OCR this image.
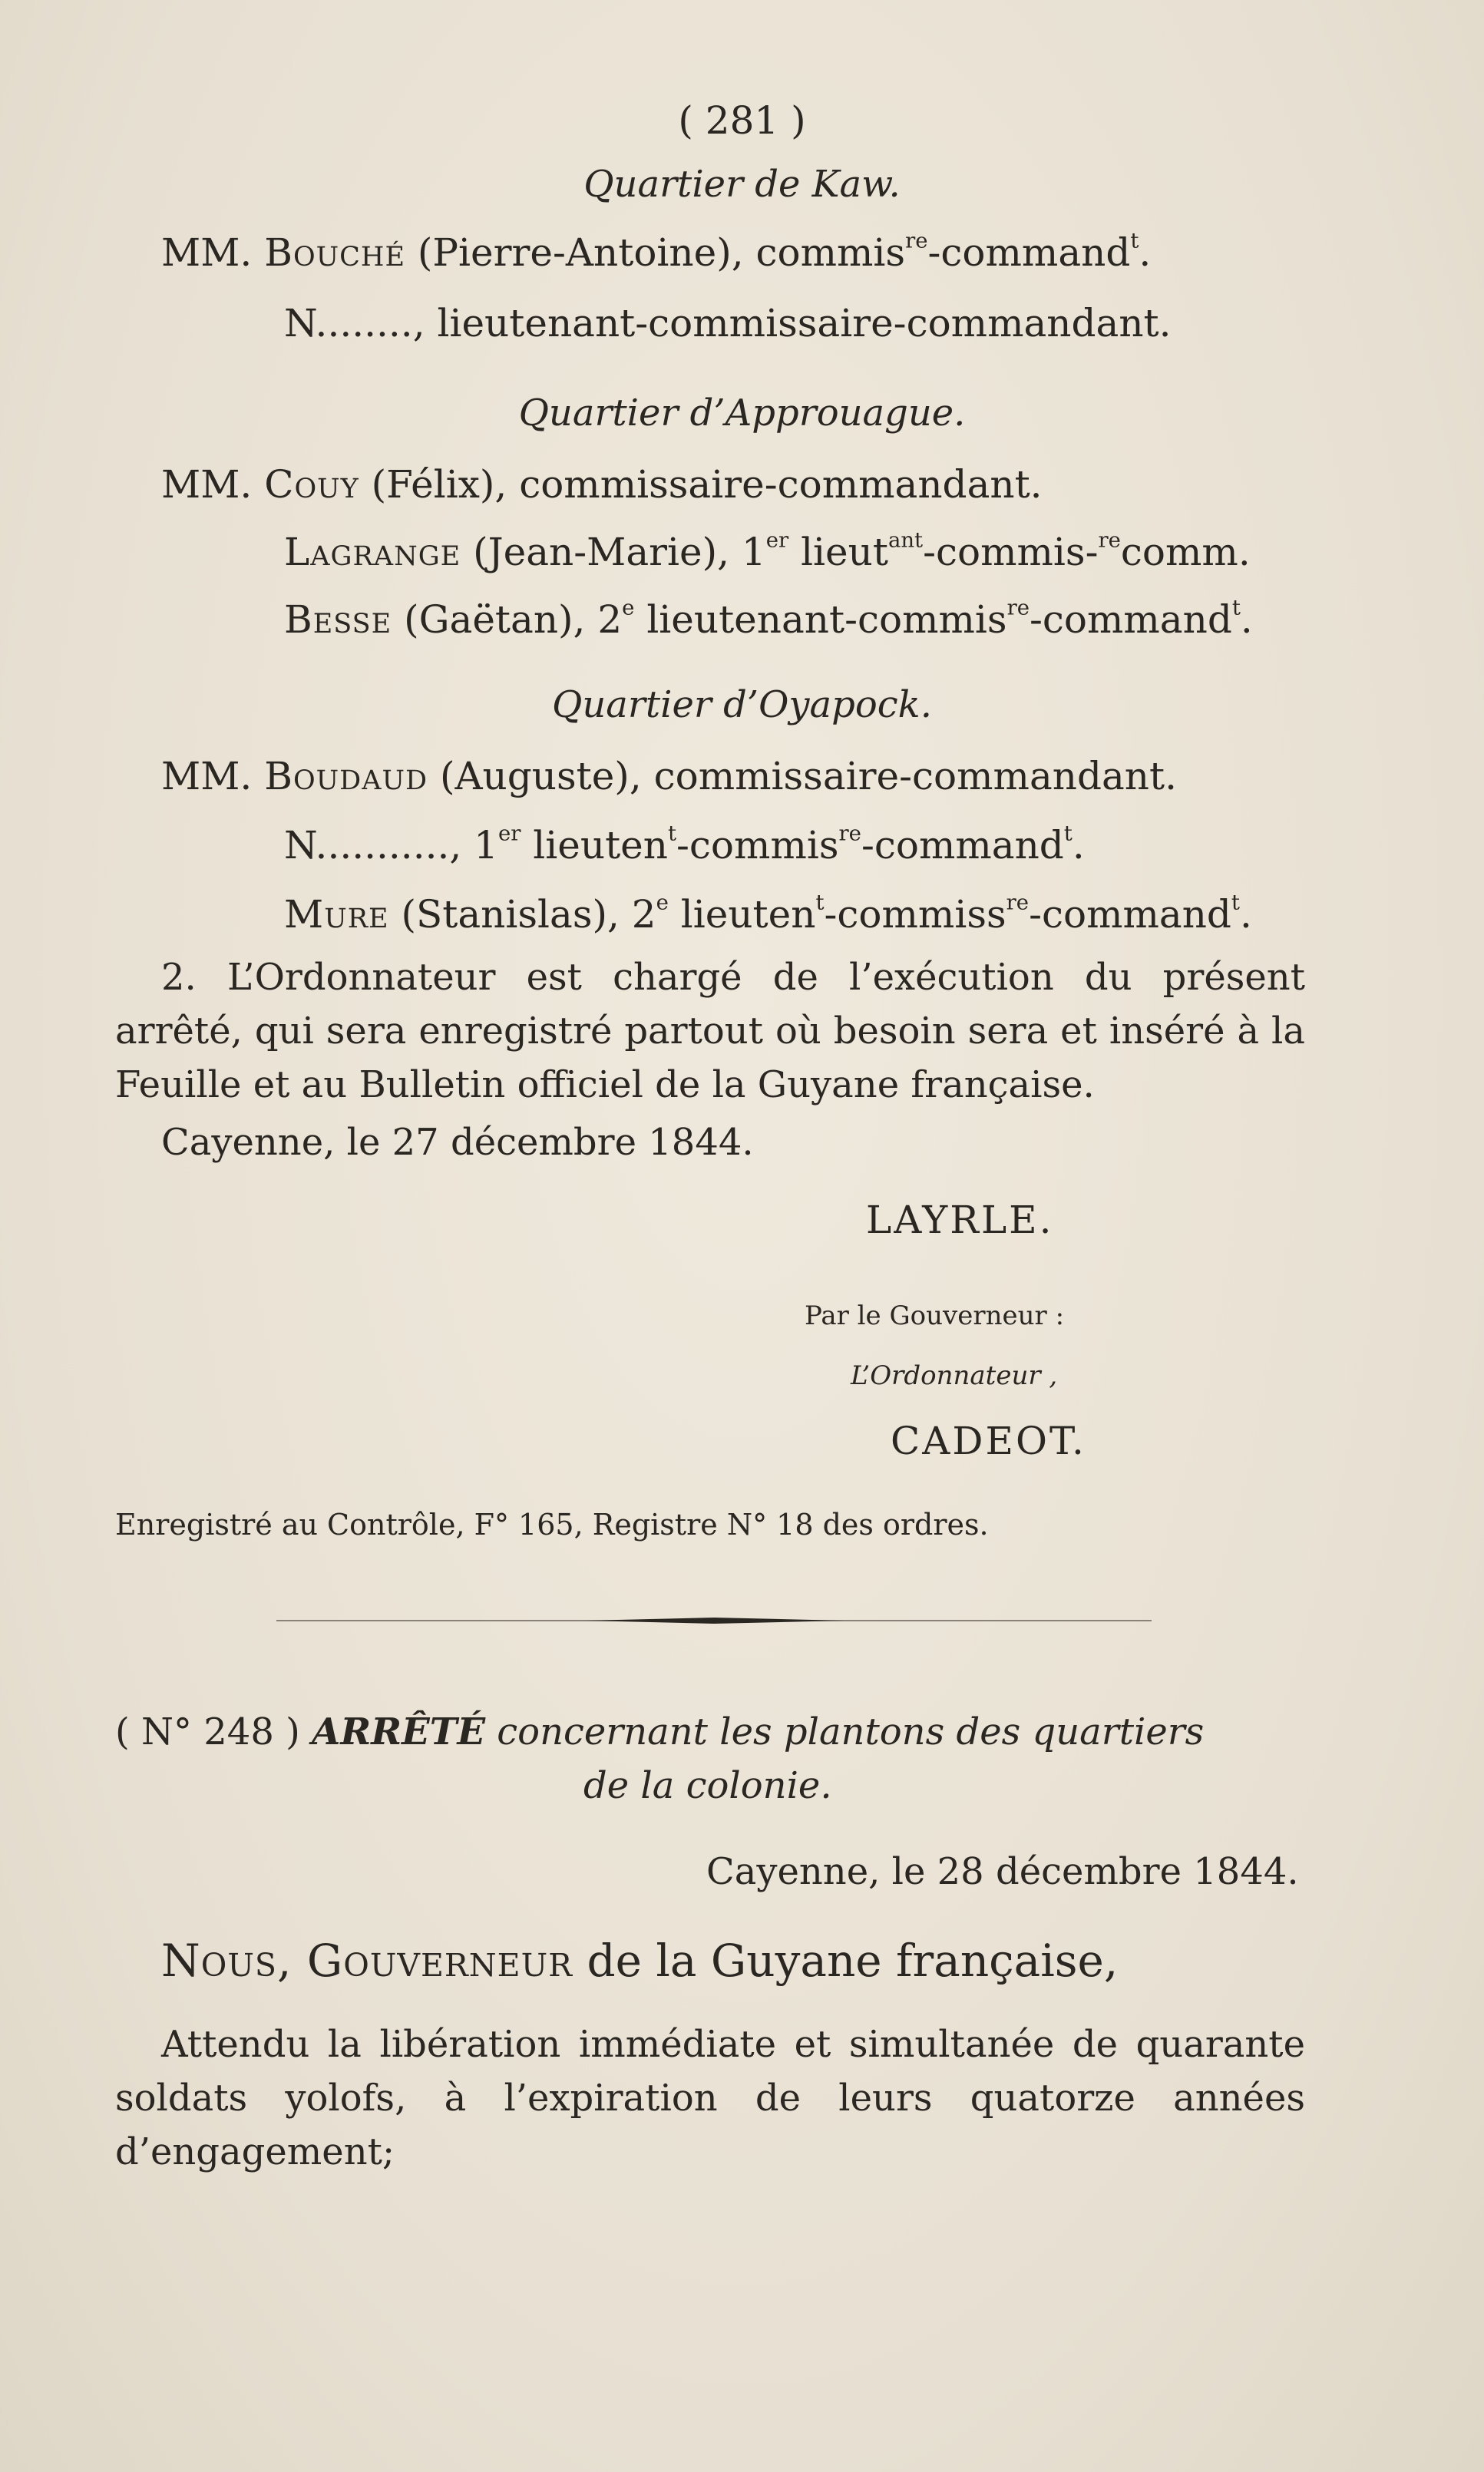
( 281 )
Quartier de Kaw.
MM. Bouché (Pierre-Antoine), commis$^{re}$-command$^t$.
N........, lieutenant-commissaire-commandant.
Quartier d’Approuague.
MM. Couy (Félix), commissaire-commandant.
Lagrange (Jean-Marie), 1er lieut$^{ant}$-commis-$^{re}$comm.
Besse (Gaëtan), 2e lieutenant-commis$^{re}$-command$^t$.
Quartier d’Oyapock.
MM. Boudaud (Auguste), commissaire-commandant.
N..........., 1er lieuten$^t$-commis$^{re}$-command$^t$.
Mure (Stanislas), 2e lieuten$^t$-commiss$^{re}$-command$^t$.

2. L’Ordonnateur est chargé de l’exécution du présent arrêté, qui sera enregistré partout où besoin sera et inséré à la Feuille et au Bulletin officiel de la Guyane française.

Cayenne, le 27 décembre 1844.
LAYRLE.
Par le Gouverneur :
L’Ordonnateur ,
CADEOT.
Enregistré au Contrôle, F° 165, Registre N° 18 des ordres.
( N° 248 ) ARRÊTÉ concernant les plantons des quartiers
de la colonie.
Cayenne, le 28 décembre 1844.
Nous, Gouverneur de la Guyane française,

Attendu la libération immédiate et simultanée de quarante soldats yolofs, à l’expiration de leurs quatorze années d’engagement;
